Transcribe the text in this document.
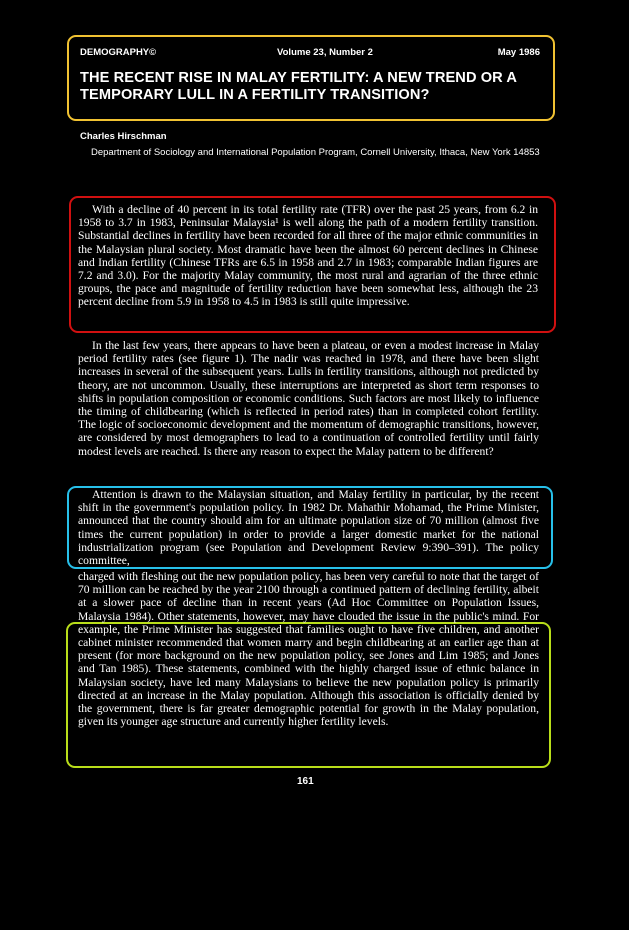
DEMOGRAPHY©	Volume 23, Number 2	May 1986
THE RECENT RISE IN MALAY FERTILITY: A NEW TREND OR A TEMPORARY LULL IN A FERTILITY TRANSITION?

Charles Hirschman

Department of Sociology and International Population Program, Cornell University, Ithaca, New York 14853

With a decline of 40 percent in its total fertility rate (TFR) over the past 25 years, from 6.2 in 1958 to 3.7 in 1983, Peninsular Malaysia¹ is well along the path of a modern fertility transition. Substantial declines in fertility have been recorded for all three of the major ethnic communities in the Malaysian plural society. Most dramatic have been the almost 60 percent declines in Chinese and Indian fertility (Chinese TFRs are 6.5 in 1958 and 2.7 in 1983; comparable Indian figures are 7.2 and 3.0). For the majority Malay community, the most rural and agrarian of the three ethnic groups, the pace and magnitude of fertility reduction have been somewhat less, although the 23 percent decline from 5.9 in 1958 to 4.5 in 1983 is still quite impressive.

In the last few years, there appears to have been a plateau, or even a modest increase in Malay period fertility rates (see figure 1). The nadir was reached in 1978, and there have been slight increases in several of the subsequent years. Lulls in fertility transitions, although not predicted by theory, are not uncommon. Usually, these interruptions are interpreted as short term responses to shifts in population composition or economic conditions. Such factors are most likely to influence the timing of childbearing (which is reflected in period rates) than in completed cohort fertility. The logic of socioeconomic development and the momentum of demographic transitions, however, are considered by most demographers to lead to a continuation of controlled fertility until fairly modest levels are reached. Is there any reason to expect the Malay pattern to be different?

Attention is drawn to the Malaysian situation, and Malay fertility in particular, by the recent shift in the government's population policy. In 1982 Dr. Mahathir Mohamad, the Prime Minister, announced that the country should aim for an ultimate population size of 70 million (almost five times the current population) in order to provide a larger domestic market for the national industrialization program (see Population and Development Review 9:390–391). The policy committee,

charged with fleshing out the new population policy, has been very careful to note that the target of 70 million can be reached by the year 2100 through a continued pattern of declining fertility, albeit at a slower pace of decline than in recent years (Ad Hoc Committee on Population Issues, Malaysia 1984). Other statements, however, may have clouded the issue in the public's mind. For example, the Prime Minister has suggested that families ought to have five children, and another cabinet minister recommended that women marry and begin childbearing at an earlier age than at present (for more background on the new population policy, see Jones and Lim 1985; and Jones and Tan 1985). These statements, combined with the highly charged issue of ethnic balance in Malaysian society, have led many Malaysians to believe the new population policy is primarily directed at an increase in the Malay population. Although this association is officially denied by the government, there is far greater demographic potential for growth in the Malay population, given its younger age structure and currently higher fertility levels.

161
